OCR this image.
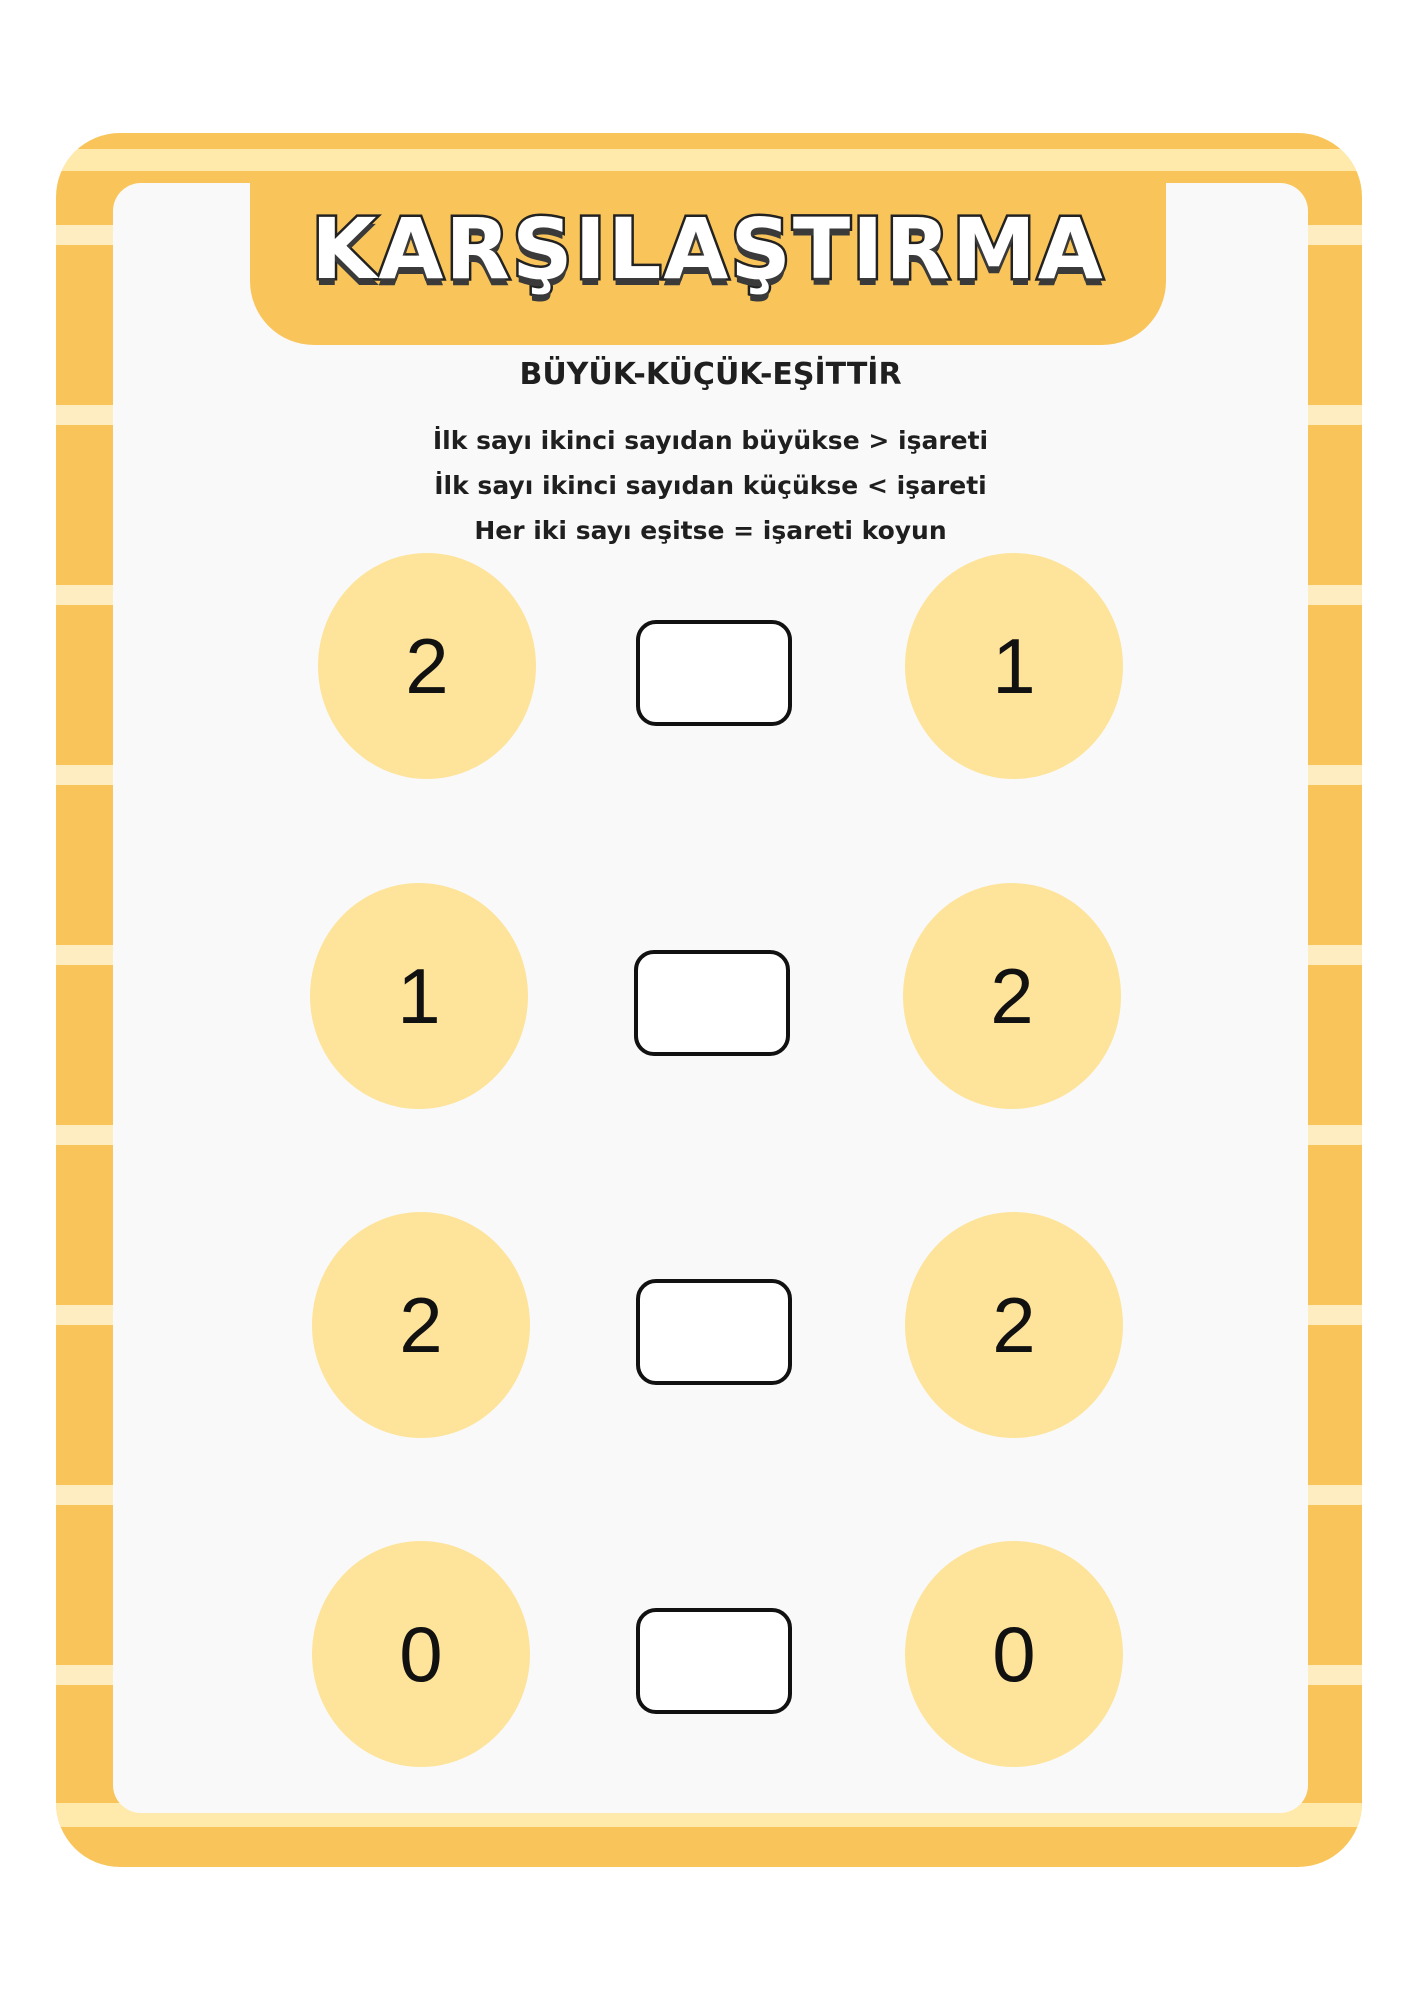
KARŞILAŞTIRMA
BÜYÜK-KÜÇÜK-EŞİTTİR
İlk sayı ikinci sayıdan büyükse > işareti
İlk sayı ikinci sayıdan küçükse < işareti
Her iki sayı eşitse = işareti koyun
2	1
1	2
2	2
0	0
